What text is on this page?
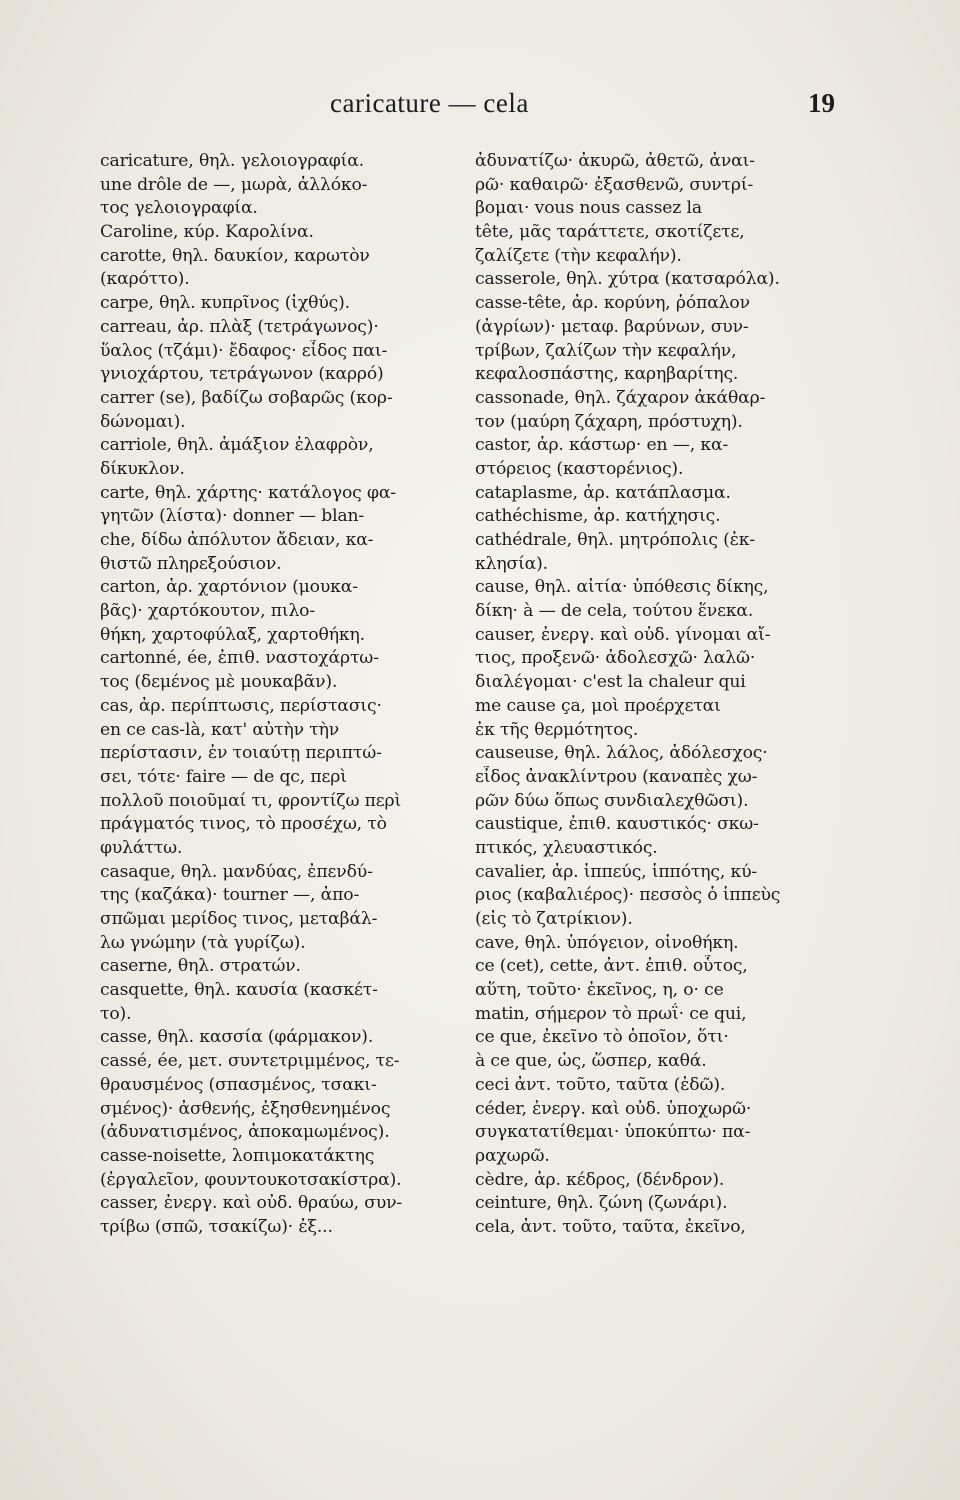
caricature — cela	19
caricature, θηλ. γελοιογραφία.
une drôle de —, μωρὰ, ἀλλόκο-
τος γελοιογραφία.
Caroline, κύρ. Καρολίνα.
carotte, θηλ. δαυκίον, καρωτὸν
(καρόττο).
carpe, θηλ. κυπρῖνος (ἰχθύς).
carreau, ἀρ. πλὰξ (τετράγωνος)·
ὕαλος (τζάμι)· ἔδαφος· εἶδος παι-
γνιοχάρτου, τετράγωνον (καρρό)
carrer (se), βαδίζω σοβαρῶς (κορ-
δώνομαι).
carriole, θηλ. ἁμάξιον ἐλαφρὸν,
δίκυκλον.
carte, θηλ. χάρτης· κατάλογος φα-
γητῶν (λίστα)· donner — blan-
che, δίδω ἀπόλυτον ἄδειαν, κα-
θιστῶ πληρεξούσιον.
carton, ἀρ. χαρτόνιον (μουκα-
βᾶς)· χαρτόκουτον, πιλο-
θήκη, χαρτοφύλαξ, χαρτοθήκη.
cartonné, ée, ἐπιθ. ναστοχάρτω-
τος (δεμένος μὲ μουκαβᾶν).
cas, ἀρ. περίπτωσις, περίστασις·
en ce cas-là, κατ' αὐτὴν τὴν
περίστασιν, ἐν τοιαύτῃ περιπτώ-
σει, τότε· faire — de qc, περὶ
πολλοῦ ποιοῦμαί τι, φροντίζω περὶ
πράγματός τινος, τὸ προσέχω, τὸ
φυλάττω.
casaque, θηλ. μανδύας, ἐπενδύ-
της (καζάκα)· tourner —, ἀπο-
σπῶμαι μερίδος τινος, μεταβάλ-
λω γνώμην (τὰ γυρίζω).
caserne, θηλ. στρατών.
casquette, θηλ. καυσία (κασκέτ-
το).
casse, θηλ. κασσία (φάρμακον).
cassé, ée, μετ. συντετριμμένος, τε-
θραυσμένος (σπασμένος, τσακι-
σμένος)· ἀσθενής, ἐξησθενημένος
(ἀδυνατισμένος, ἀποκαμωμένος).
casse-noisette, λοπιμοκατάκτης
(ἐργαλεῖον, φουντουκοτσακίστρα).
casser, ἐνεργ. καὶ οὐδ. θραύω, συν-
τρίβω (σπῶ, τσακίζω)· ἐξ...
ἀδυνατίζω· ἀκυρῶ, ἀθετῶ, ἀναι-
ρῶ· καθαιρῶ· ἐξασθενῶ, συντρί-
βομαι· vous nous cassez la
tête, μᾶς ταράττετε, σκοτίζετε,
ζαλίζετε (τὴν κεφαλήν).
casserole, θηλ. χύτρα (κατσαρόλα).
casse-tête, ἀρ. κορύνη, ῥόπαλον
(ἀγρίων)· μεταφ. βαρύνων, συν-
τρίβων, ζαλίζων τὴν κεφαλήν,
κεφαλοσπάστης, καρηβαρίτης.
cassonade, θηλ. ζάχαρον ἀκάθαρ-
τον (μαύρη ζάχαρη, πρόστυχη).
castor, ἀρ. κάστωρ· en —, κα-
στόρειος (καστορένιος).
cataplasme, ἀρ. κατάπλασμα.
cathéchisme, ἀρ. κατήχησις.
cathédrale, θηλ. μητρόπολις (ἐκ-
κλησία).
cause, θηλ. αἰτία· ὑπόθεσις δίκης,
δίκη· à — de cela, τούτου ἕνεκα.
causer, ἐνεργ. καὶ οὐδ. γίνομαι αἴ-
τιος, προξενῶ· ἀδολεσχῶ· λαλῶ·
διαλέγομαι· c'est la chaleur qui
me cause ça, μοὶ προέρχεται
ἐκ τῆς θερμότητος.
causeuse, θηλ. λάλος, ἀδόλεσχος·
εἶδος ἀνακλίντρου (καναπὲς χω-
ρῶν δύω ὅπως συνδιαλεχθῶσι).
caustique, ἐπιθ. καυστικός· σκω-
πτικός, χλευαστικός.
cavalier, ἀρ. ἱππεύς, ἱππότης, κύ-
ριος (καβαλιέρος)· πεσσὸς ὁ ἱππεὺς
(εἰς τὸ ζατρίκιον).
cave, θηλ. ὑπόγειον, οἰνοθήκη.
ce (cet), cette, ἀντ. ἐπιθ. οὗτος,
αὕτη, τοῦτο· ἐκεῖνος, η, ο· ce
matin, σήμερον τὸ πρωΐ· ce qui,
ce que, ἐκεῖνο τὸ ὁποῖον, ὅτι·
à ce que, ὡς, ὥσπερ, καθά.
ceci ἀντ. τοῦτο, ταῦτα (ἐδῶ).
céder, ἐνεργ. καὶ οὐδ. ὑποχωρῶ·
συγκατατίθεμαι· ὑποκύπτω· πα-
ραχωρῶ.
cèdre, ἀρ. κέδρος, (δένδρον).
ceinture, θηλ. ζώνη (ζωνάρι).
cela, ἀντ. τοῦτο, ταῦτα, ἐκεῖνο,
